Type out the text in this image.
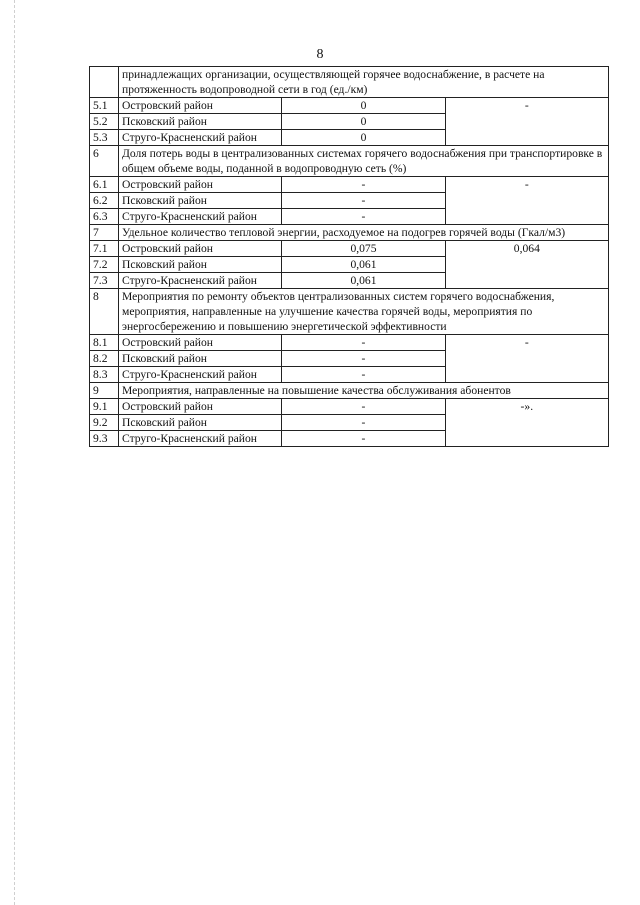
8
	принадлежащих организации, осуществляющей горячее водоснабжение, в расчете на протяженность водопроводной сети в год (ед./км)		
5.1	Островский район	0	-
5.2	Псковский район	0	
5.3	Струго-Красненский район	0	
6	Доля потерь воды в централизованных системах горячего водоснабжения при транспортировке в общем объеме воды, поданной в водопроводную сеть (%)		
6.1	Островский район	-	-
6.2	Псковский район	-	
6.3	Струго-Красненский район	-	
7	Удельное количество тепловой энергии, расходуемое на подогрев горячей воды (Гкал/м3)		
7.1	Островский район	0,075	0,064
7.2	Псковский район	0,061	
7.3	Струго-Красненский район	0,061	
8	Мероприятия по ремонту объектов централизованных систем горячего водоснабжения, мероприятия, направленные на улучшение качества горячей воды, мероприятия по энергосбережению и повышению энергетической эффективности		
8.1	Островский район	-	-
8.2	Псковский район	-	
8.3	Струго-Красненский район	-	
9	Мероприятия, направленные на повышение качества обслуживания абонентов		
9.1	Островский район	-	-».
9.2	Псковский район	-	
9.3	Струго-Красненский район	-	
